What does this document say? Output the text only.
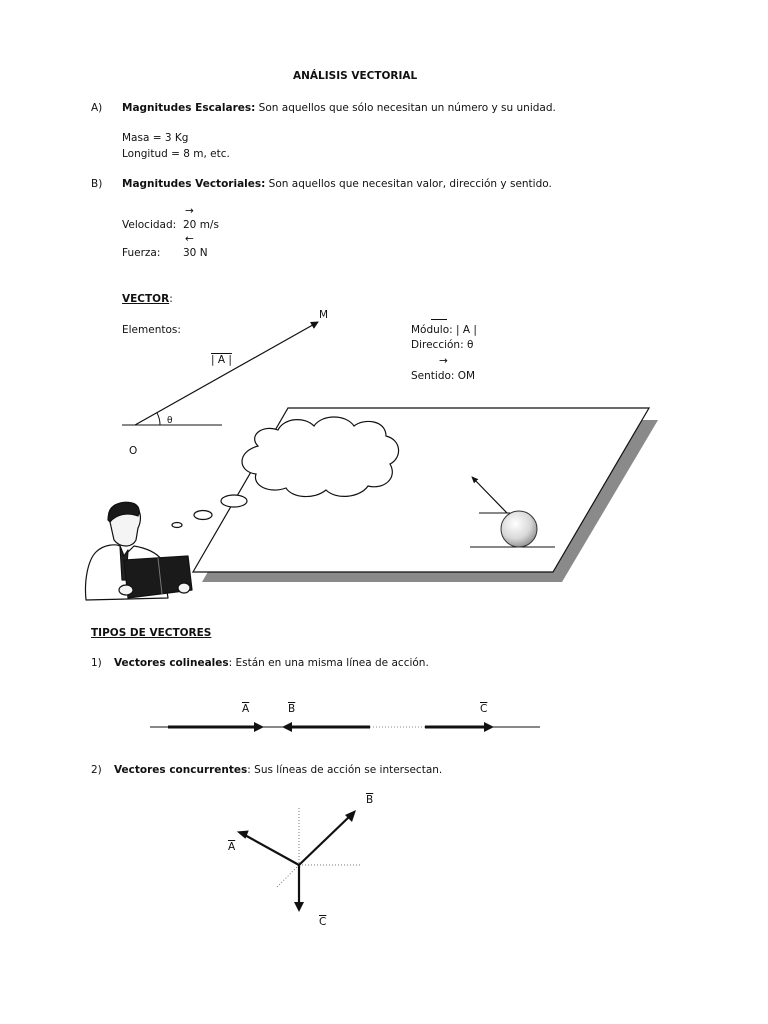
ANÁLISIS VECTORIAL
A) Magnitudes Escalares: Son aquellos que sólo necesitan un número y su unidad.
Masa = 3 Kg
Longitud = 8 m, etc.
B) Magnitudes Vectoriales: Son aquellos que necesitan valor, dirección y sentido.
→
Velocidad: 20 m/s
←
Fuerza: 30 N
VECTOR:
Elementos:
M
| A |
θ
O
Módulo: | A |
Dirección: θ
→
Sentido: OM
TIPOS DE VECTORES
1) Vectores colineales: Están en una misma línea de acción.
$\overline{A}$	$\overline{B}$	$\overline{C}$
2) Vectores concurrentes: Sus líneas de acción se intersectan.
$\overline{B}$
$\overline{A}$
$\overline{C}$
